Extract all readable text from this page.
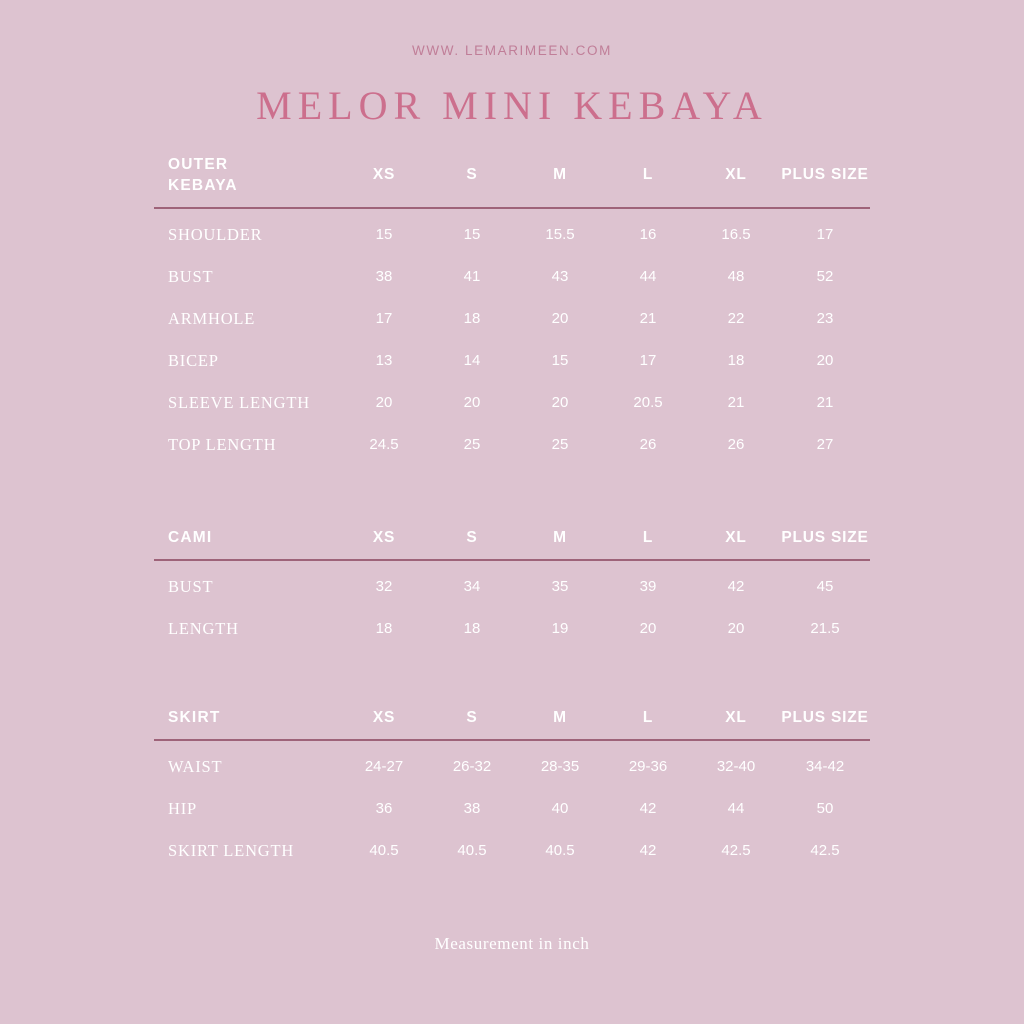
WWW. LEMARIMEEN.COM
MELOR MINI KEBAYA
OUTER
KEBAYA	XS	S	M	L	XL	PLUS SIZE
SHOULDER	15	15	15.5	16	16.5	17
BUST	38	41	43	44	48	52
ARMHOLE	17	18	20	21	22	23
BICEP	13	14	15	17	18	20
SLEEVE LENGTH	20	20	20	20.5	21	21
TOP LENGTH	24.5	25	25	26	26	27
CAMI	XS	S	M	L	XL	PLUS SIZE
BUST	32	34	35	39	42	45
LENGTH	18	18	19	20	20	21.5
SKIRT	XS	S	M	L	XL	PLUS SIZE
WAIST	24-27	26-32	28-35	29-36	32-40	34-42
HIP	36	38	40	42	44	50
SKIRT LENGTH	40.5	40.5	40.5	42	42.5	42.5
Measurement in inch
